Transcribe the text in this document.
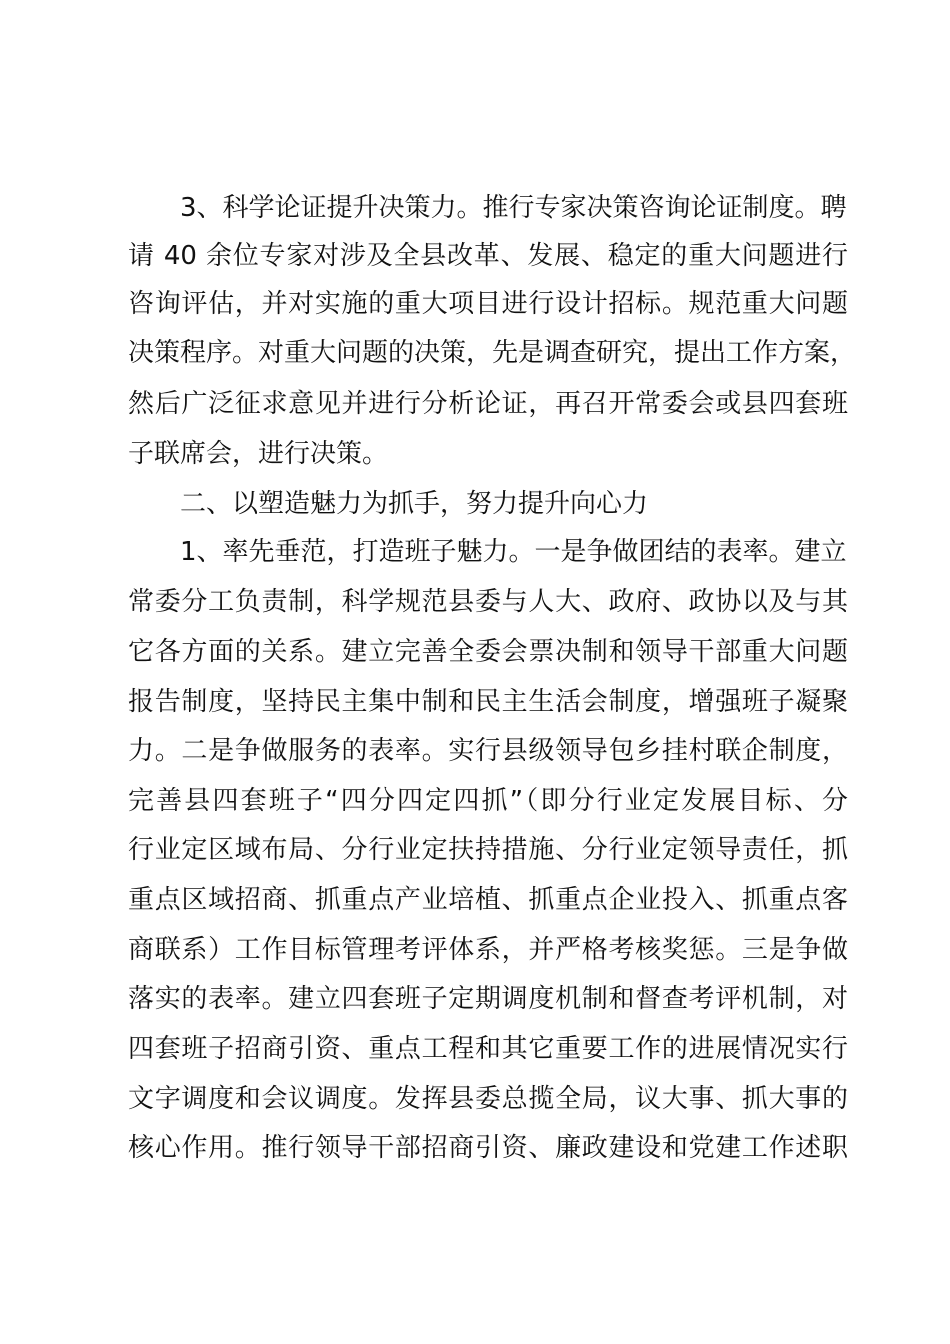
3、科学论证提升决策力。推行专家决策咨询论证制度。聘
请 40 余位专家对涉及全县改革、发展、稳定的重大问题进行
咨询评估，并对实施的重大项目进行设计招标。规范重大问题
决策程序。对重大问题的决策，先是调查研究，提出工作方案，
然后广泛征求意见并进行分析论证，再召开常委会或县四套班
子联席会，进行决策。
二、以塑造魅力为抓手，努力提升向心力
1、率先垂范，打造班子魅力。一是争做团结的表率。建立
常委分工负责制，科学规范县委与人大、政府、政协以及与其
它各方面的关系。建立完善全委会票决制和领导干部重大问题
报告制度，坚持民主集中制和民主生活会制度，增强班子凝聚
力。二是争做服务的表率。实行县级领导包乡挂村联企制度，
完善县四套班子“四分四定四抓”（即分行业定发展目标、分
行业定区域布局、分行业定扶持措施、分行业定领导责任，抓
重点区域招商、抓重点产业培植、抓重点企业投入、抓重点客
商联系）工作目标管理考评体系，并严格考核奖惩。三是争做
落实的表率。建立四套班子定期调度机制和督查考评机制，对
四套班子招商引资、重点工程和其它重要工作的进展情况实行
文字调度和会议调度。发挥县委总揽全局，议大事、抓大事的
核心作用。推行领导干部招商引资、廉政建设和党建工作述职
